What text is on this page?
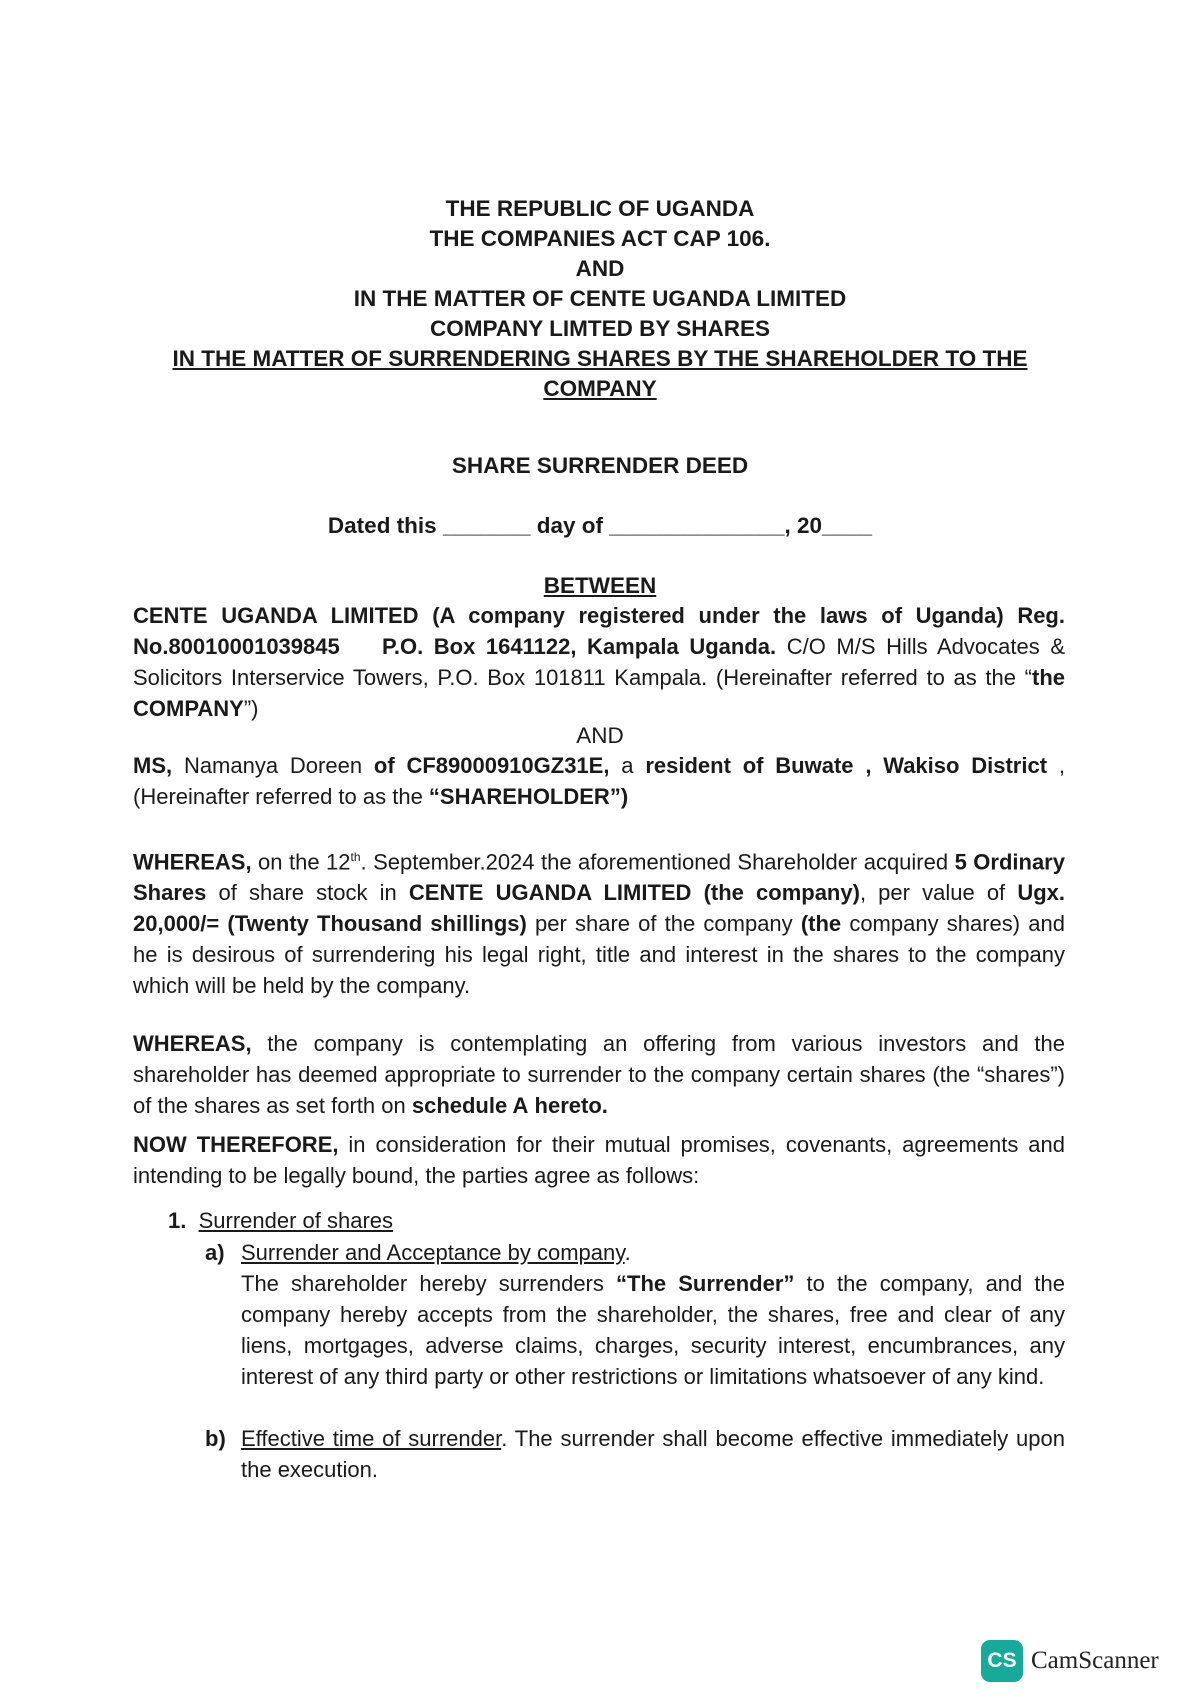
THE REPUBLIC OF UGANDA
THE COMPANIES ACT CAP 106.
AND
IN THE MATTER OF CENTE UGANDA LIMITED
COMPANY LIMTED BY SHARES
IN THE MATTER OF SURRENDERING SHARES BY THE SHAREHOLDER TO THE
COMPANY
SHARE SURRENDER DEED
Dated this _______ day of ______________, 20____
BETWEEN

CENTE UGANDA LIMITED (A company registered under the laws of Uganda) Reg. No.80010001039845 P.O. Box 1641122, Kampala Uganda. C/O M/S Hills Advocates & Solicitors Interservice Towers, P.O. Box 101811 Kampala. (Hereinafter referred to as the “the COMPANY”)

AND

MS, Namanya Doreen of CF89000910GZ31E, a resident of Buwate , Wakiso District , (Hereinafter referred to as the “SHAREHOLDER”)

WHEREAS, on the 12th. September.2024 the aforementioned Shareholder acquired 5 Ordinary Shares of share stock in CENTE UGANDA LIMITED (the company), per value of Ugx. 20,000/= (Twenty Thousand shillings) per share of the company (the company shares) and he is desirous of surrendering his legal right, title and interest in the shares to the company which will be held by the company.

WHEREAS, the company is contemplating an offering from various investors and the shareholder has deemed appropriate to surrender to the company certain shares (the “shares”) of the shares as set forth on schedule A hereto.

NOW THEREFORE, in consideration for their mutual promises, covenants, agreements and intending to be legally bound, the parties agree as follows:

1. Surrender of shares
a) Surrender and Acceptance by company.
The shareholder hereby surrenders “The Surrender” to the company, and the company hereby accepts from the shareholder, the shares, free and clear of any liens, mortgages, adverse claims, charges, security interest, encumbrances, any interest of any third party or other restrictions or limitations whatsoever of any kind.
b) Effective time of surrender. The surrender shall become effective immediately upon the execution.
CS CamScanner
